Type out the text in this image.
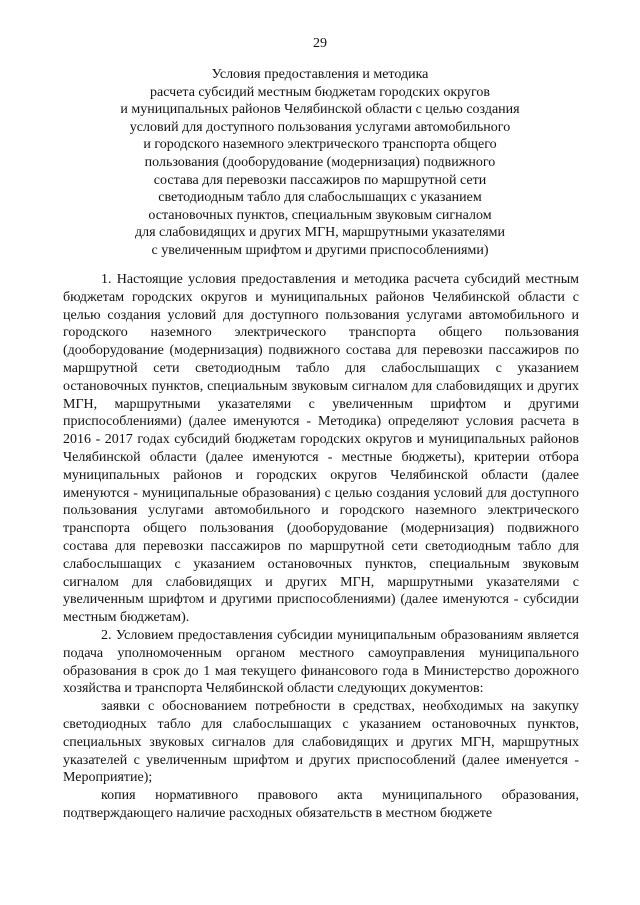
29
Условия предоставления и методика
расчета субсидий местным бюджетам городских округов
и муниципальных районов Челябинской области с целью создания
условий для доступного пользования услугами автомобильного
и городского наземного электрического транспорта общего
пользования (дооборудование (модернизация) подвижного
состава для перевозки пассажиров по маршрутной сети
светодиодным табло для слабослышащих с указанием
остановочных пунктов, специальным звуковым сигналом
для слабовидящих и других МГН, маршрутными указателями
с увеличенным шрифтом и другими приспособлениями)

1. Настоящие условия предоставления и методика расчета субсидий местным бюджетам городских округов и муниципальных районов Челябинской области с целью создания условий для доступного пользования услугами автомобильного и городского наземного электрического транспорта общего пользования (дооборудование (модернизация) подвижного состава для перевозки пассажиров по маршрутной сети светодиодным табло для слабослышащих с указанием остановочных пунктов, специальным звуковым сигналом для слабовидящих и других МГН, маршрутными указателями с увеличенным шрифтом и другими приспособлениями) (далее именуются - Методика) определяют условия расчета в 2016 - 2017 годах субсидий бюджетам городских округов и муниципальных районов Челябинской области (далее именуются - местные бюджеты), критерии отбора муниципальных районов и городских округов Челябинской области (далее именуются - муниципальные образования) с целью создания условий для доступного пользования услугами автомобильного и городского наземного электрического транспорта общего пользования (дооборудование (модернизация) подвижного состава для перевозки пассажиров по маршрутной сети светодиодным табло для слабослышащих с указанием остановочных пунктов, специальным звуковым сигналом для слабовидящих и других МГН, маршрутными указателями с увеличенным шрифтом и другими приспособлениями) (далее именуются - субсидии местным бюджетам).

2. Условием предоставления субсидии муниципальным образованиям является подача уполномоченным органом местного самоуправления муниципального образования в срок до 1 мая текущего финансового года в Министерство дорожного хозяйства и транспорта Челябинской области следующих документов:

заявки с обоснованием потребности в средствах, необходимых на закупку светодиодных табло для слабослышащих с указанием остановочных пунктов, специальных звуковых сигналов для слабовидящих и других МГН, маршрутных указателей с увеличенным шрифтом и других приспособлений (далее именуется - Мероприятие);

копия нормативного правового акта муниципального образования, подтверждающего наличие расходных обязательств в местном бюджете
